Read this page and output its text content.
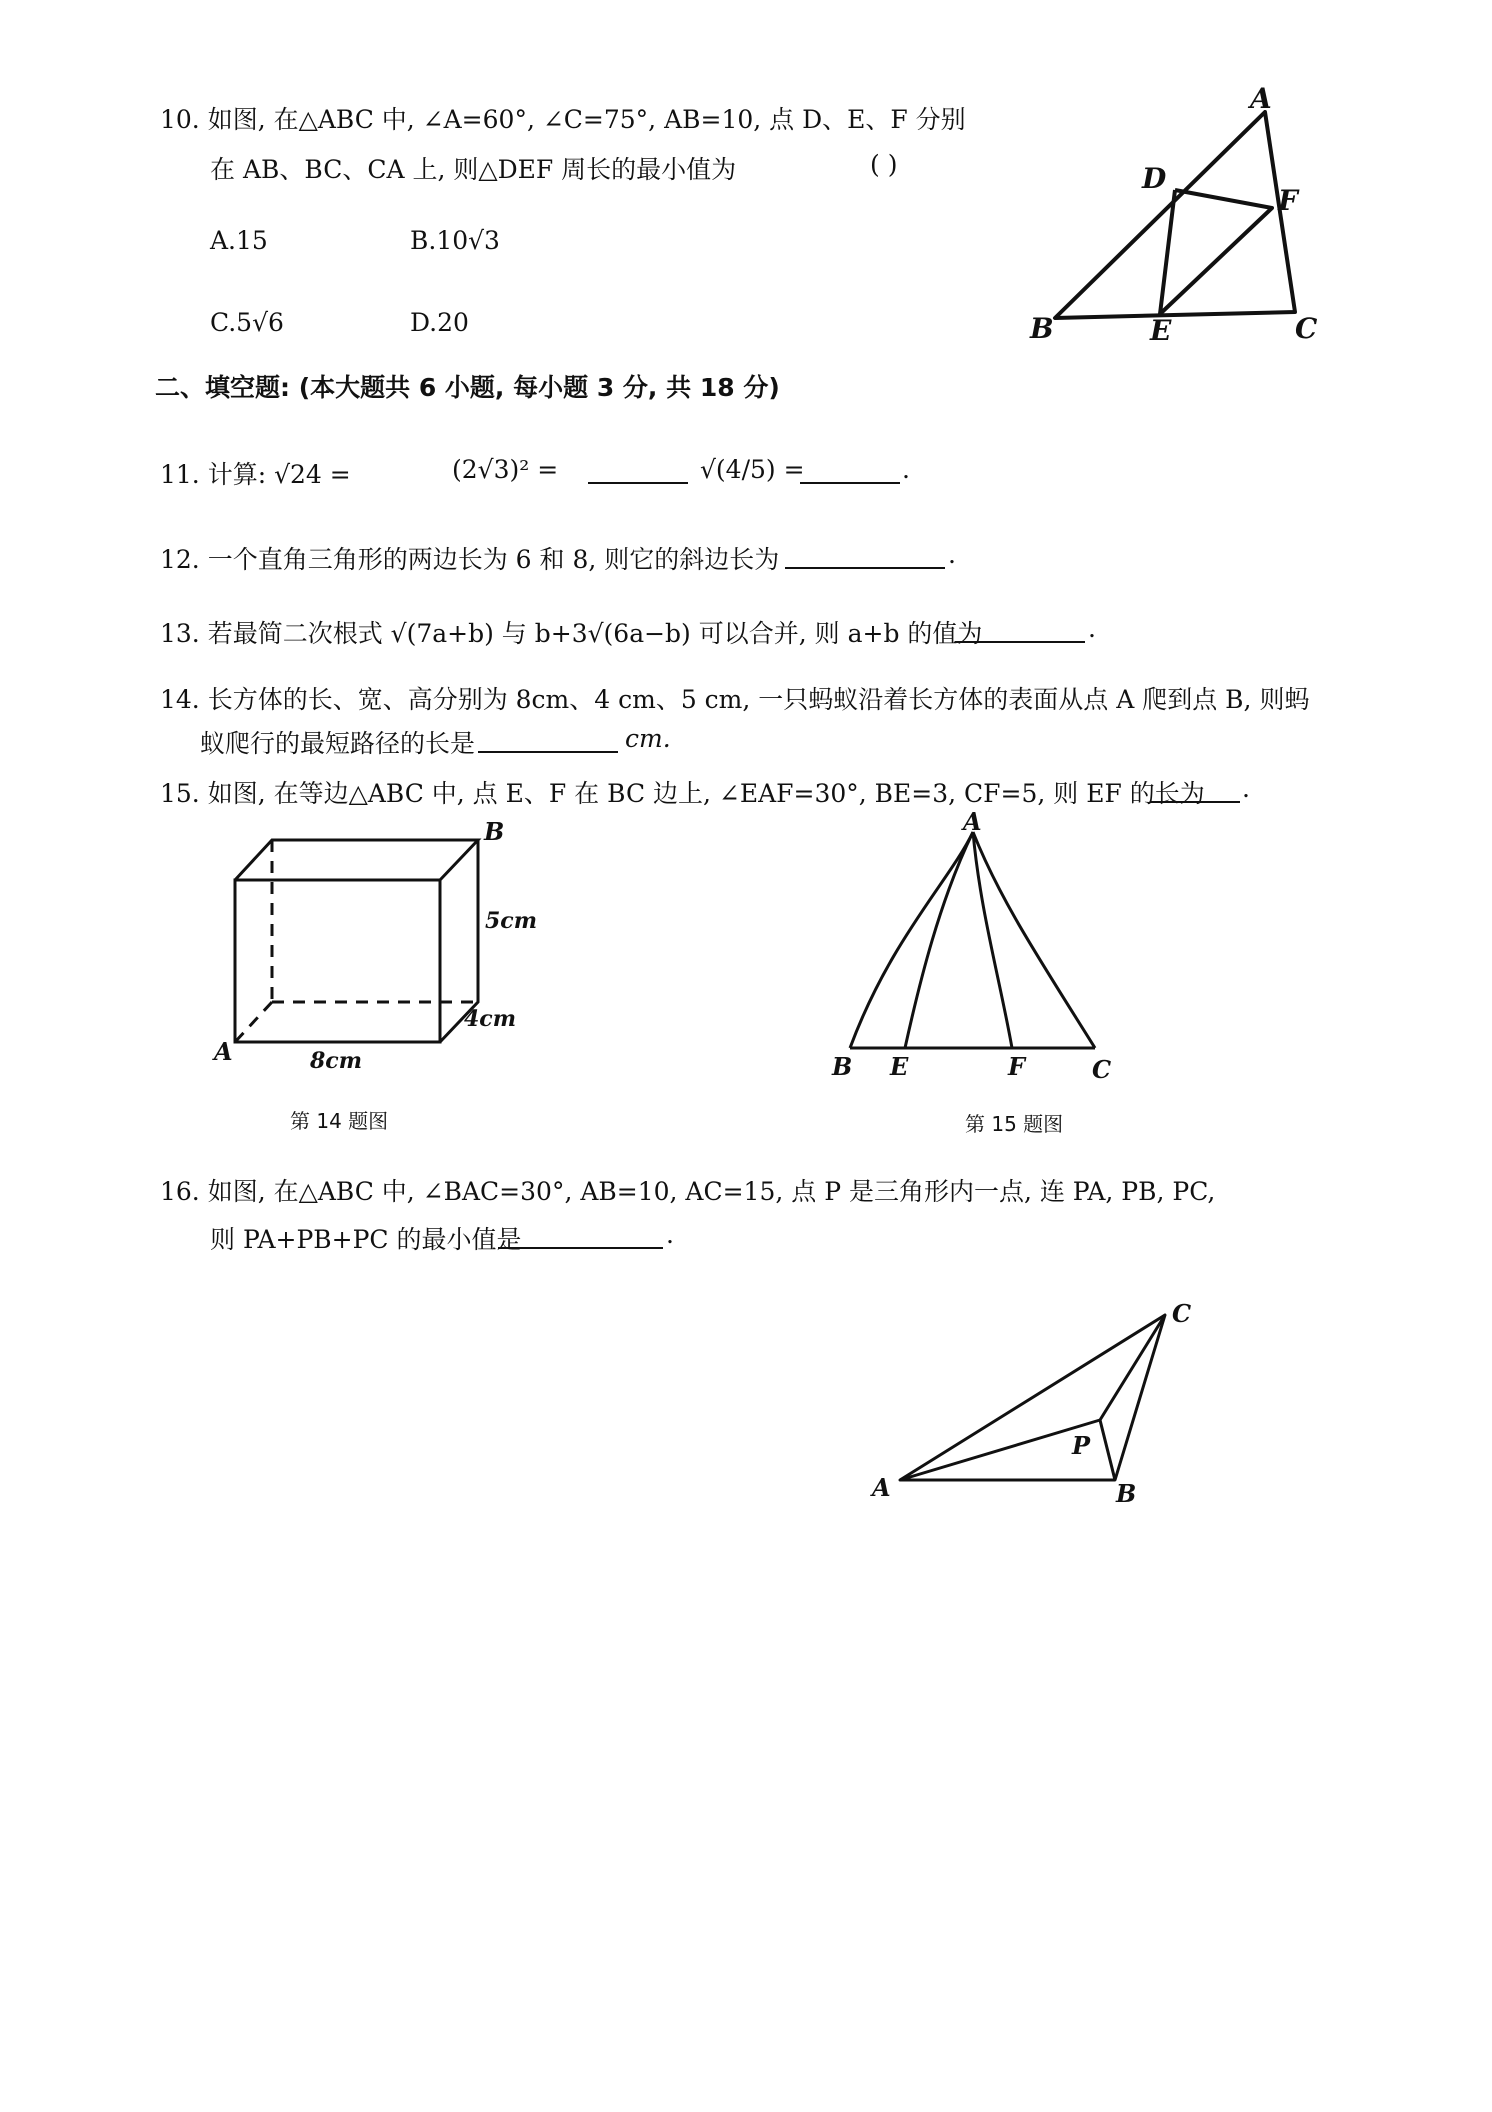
10. 如图, 在△ABC 中, ∠A=60°, ∠C=75°, AB=10, 点 D、E、F 分别
在 AB、BC、CA 上, 则△DEF 周长的最小值为	( )
A.15	B.10√3
C.5√6	D.20
A
B	C
D
E
F
二、填空题: (本大题共 6 小题, 每小题 3 分, 共 18 分)
11. 计算: √24 =	(2√3)² =	√(4/5) =	.
12. 一个直角三角形的两边长为 6 和 8, 则它的斜边长为	.
13. 若最简二次根式 √(7a+b) 与 b+3√(6a−b) 可以合并, 则 a+b 的值为	.
14. 长方体的长、宽、高分别为 8cm、4 cm、5 cm, 一只蚂蚁沿着长方体的表面从点 A 爬到点 B, 则蚂
蚁爬行的最短路径的长是	cm.
15. 如图, 在等边△ABC 中, 点 E、F 在 BC 边上, ∠EAF=30°, BE=3, CF=5, 则 EF 的长为 .
A
B
5cm
4cm
8cm
第 14 题图
A
B E	F	C
第 15 题图
16. 如图, 在△ABC 中, ∠BAC=30°, AB=10, AC=15, 点 P 是三角形内一点, 连 PA, PB, PC,
则 PA+PB+PC 的最小值是	.
A	B
C
P
